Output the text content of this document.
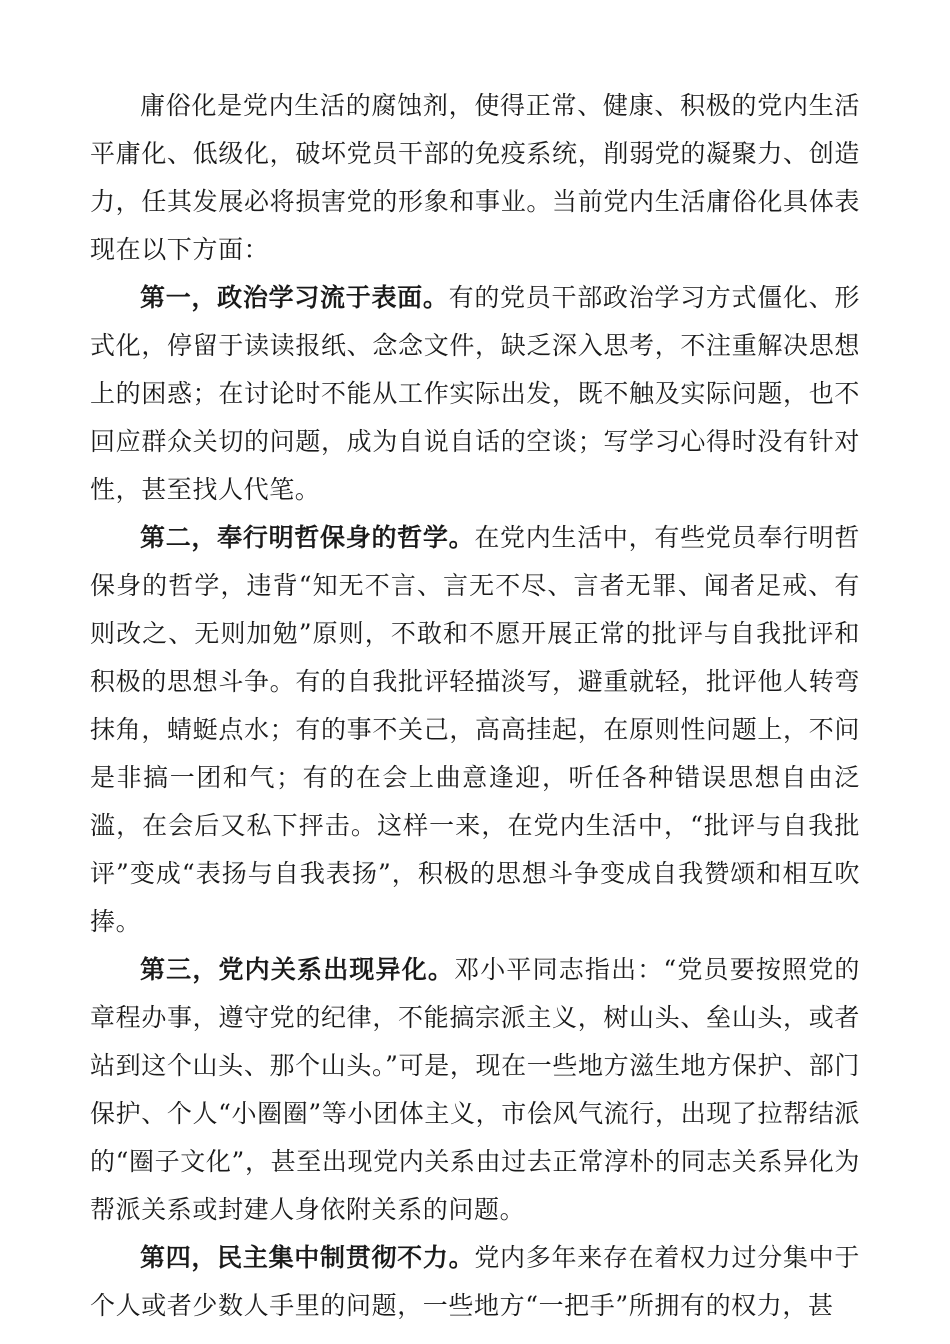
庸俗化是党内生活的腐蚀剂，使得正常、健康、积极的党内生活平庸化、低级化，破坏党员干部的免疫系统，削弱党的凝聚力、创造力，任其发展必将损害党的形象和事业。当前党内生活庸俗化具体表现在以下方面：

第一，政治学习流于表面。有的党员干部政治学习方式僵化、形式化，停留于读读报纸、念念文件，缺乏深入思考，不注重解决思想上的困惑；在讨论时不能从工作实际出发，既不触及实际问题，也不回应群众关切的问题，成为自说自话的空谈；写学习心得时没有针对性，甚至找人代笔。

第二，奉行明哲保身的哲学。在党内生活中，有些党员奉行明哲保身的哲学，违背“知无不言、言无不尽、言者无罪、闻者足戒、有则改之、无则加勉”原则，不敢和不愿开展正常的批评与自我批评和积极的思想斗争。有的自我批评轻描淡写，避重就轻，批评他人转弯抹角，蜻蜓点水；有的事不关己，高高挂起，在原则性问题上，不问是非搞一团和气；有的在会上曲意逢迎，听任各种错误思想自由泛滥，在会后又私下抨击。这样一来，在党内生活中，“批评与自我批评”变成“表扬与自我表扬”，积极的思想斗争变成自我赞颂和相互吹捧。

第三，党内关系出现异化。邓小平同志指出：“党员要按照党的章程办事，遵守党的纪律，不能搞宗派主义，树山头、垒山头，或者站到这个山头、那个山头。”可是，现在一些地方滋生地方保护、部门保护、个人“小圈圈”等小团体主义，市侩风气流行，出现了拉帮结派的“圈子文化”，甚至出现党内关系由过去正常淳朴的同志关系异化为帮派关系或封建人身依附关系的问题。

第四，民主集中制贯彻不力。党内多年来存在着权力过分集中于个人或者少数人手里的问题，一些地方“一把手”所拥有的权力，甚
